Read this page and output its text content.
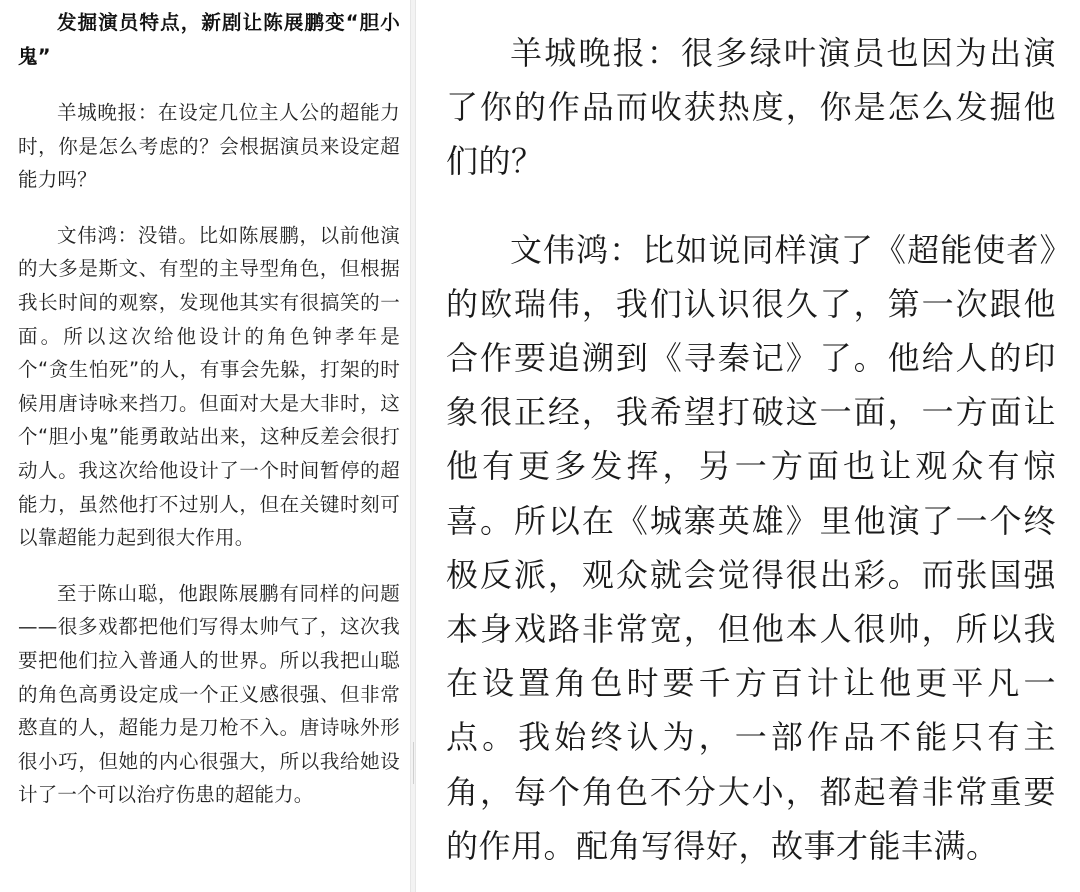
发掘演员特点，新剧让陈展鹏变“胆小鬼”

羊城晚报：在设定几位主人公的超能力时，你是怎么考虑的？会根据演员来设定超能力吗？

文伟鸿：没错。比如陈展鹏，以前他演的大多是斯文、有型的主导型角色，但根据我长时间的观察，发现他其实有很搞笑的一面。所以这次给他设计的角色钟孝年是个“贪生怕死”的人，有事会先躲，打架的时候用唐诗咏来挡刀。但面对大是大非时，这个“胆小鬼”能勇敢站出来，这种反差会很打动人。我这次给他设计了一个时间暂停的超能力，虽然他打不过别人，但在关键时刻可以靠超能力起到很大作用。

至于陈山聪，他跟陈展鹏有同样的问题——很多戏都把他们写得太帅气了，这次我要把他们拉入普通人的世界。所以我把山聪的角色高勇设定成一个正义感很强、但非常憨直的人，超能力是刀枪不入。唐诗咏外形很小巧，但她的内心很强大，所以我给她设计了一个可以治疗伤患的超能力。

羊城晚报：很多绿叶演员也因为出演了你的作品而收获热度，你是怎么发掘他们的？

文伟鸿：比如说同样演了《超能使者》的欧瑞伟，我们认识很久了，第一次跟他合作要追溯到《寻秦记》了。他给人的印象很正经，我希望打破这一面，一方面让他有更多发挥，另一方面也让观众有惊喜。所以在《城寨英雄》里他演了一个终极反派，观众就会觉得很出彩。而张国强本身戏路非常宽，但他本人很帅，所以我在设置角色时要千方百计让他更平凡一点。我始终认为，一部作品不能只有主角，每个角色不分大小，都起着非常重要的作用。配角写得好，故事才能丰满。
